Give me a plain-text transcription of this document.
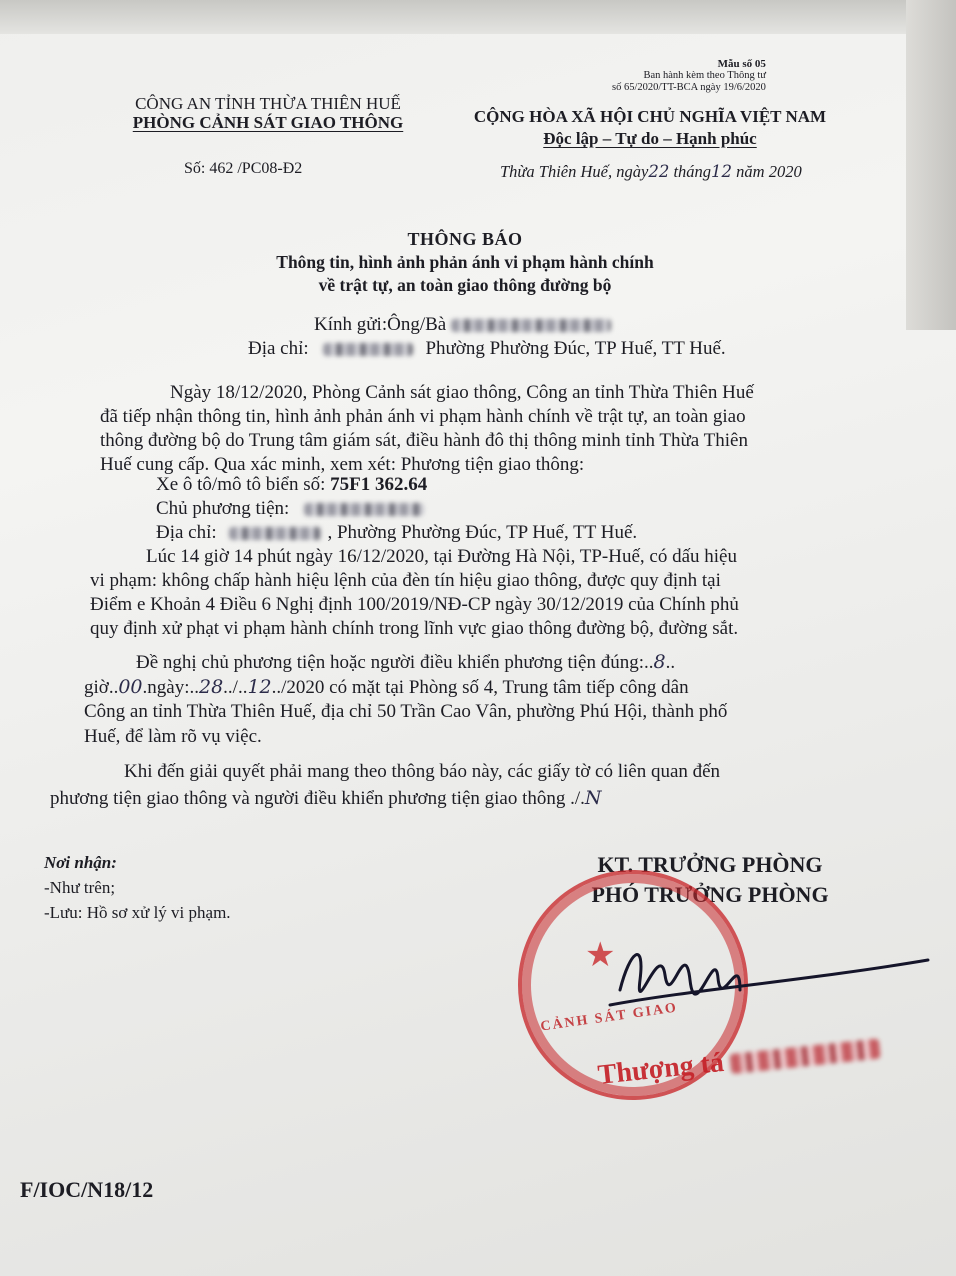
Mẫu số 05
Ban hành kèm theo Thông tư
số 65/2020/TT-BCA ngày 19/6/2020
CÔNG AN TỈNH THỪA THIÊN HUẾ
PHÒNG CẢNH SÁT GIAO THÔNG	CỘNG HÒA XÃ HỘI CHỦ NGHĨA VIỆT NAM
Độc lập – Tự do – Hạnh phúc
Số: 462 /PC08-Đ2	Thừa Thiên Huế, ngày22 tháng12 năm 2020
THÔNG BÁO
Thông tin, hình ảnh phản ánh vi phạm hành chính
về trật tự, an toàn giao thông đường bộ
Kính gửi:Ông/Bà
Địa chỉ:	Phường Phường Đúc, TP Huế, TT Huế.
Ngày 18/12/2020, Phòng Cảnh sát giao thông, Công an tỉnh Thừa Thiên Huế
đã tiếp nhận thông tin, hình ảnh phản ánh vi phạm hành chính về trật tự, an toàn giao
thông đường bộ do Trung tâm giám sát, điều hành đô thị thông minh tỉnh Thừa Thiên
Huế cung cấp. Qua xác minh, xem xét: Phương tiện giao thông:
Xe ô tô/mô tô biển số: 75F1 362.64
Chủ phương tiện:
Địa chỉ:	, Phường Phường Đúc, TP Huế, TT Huế.
Lúc 14 giờ 14 phút ngày 16/12/2020, tại Đường Hà Nội, TP-Huế, có dấu hiệu
vi phạm: không chấp hành hiệu lệnh của đèn tín hiệu giao thông, được quy định tại
Điểm e Khoản 4 Điều 6 Nghị định 100/2019/NĐ-CP ngày 30/12/2019 của Chính phủ
quy định xử phạt vi phạm hành chính trong lĩnh vực giao thông đường bộ, đường sắt.
Đề nghị chủ phương tiện hoặc người điều khiển phương tiện đúng:..8..
giờ..00.ngày:..28../..12../2020 có mặt tại Phòng số 4, Trung tâm tiếp công dân
Công an tỉnh Thừa Thiên Huế, địa chỉ 50 Trần Cao Vân, phường Phú Hội, thành phố
Huế, để làm rõ vụ việc.
Khi đến giải quyết phải mang theo thông báo này, các giấy tờ có liên quan đến
phương tiện giao thông và người điều khiển phương tiện giao thông ./.N
Nơi nhận:
-Như trên;
-Lưu: Hồ sơ xử lý vi phạm.
KT. TRƯỞNG PHÒNG
PHÓ TRƯỞNG PHÒNG
★
CẢNH SÁT GIAO
Thượng tá
F/IOC/N18/12
